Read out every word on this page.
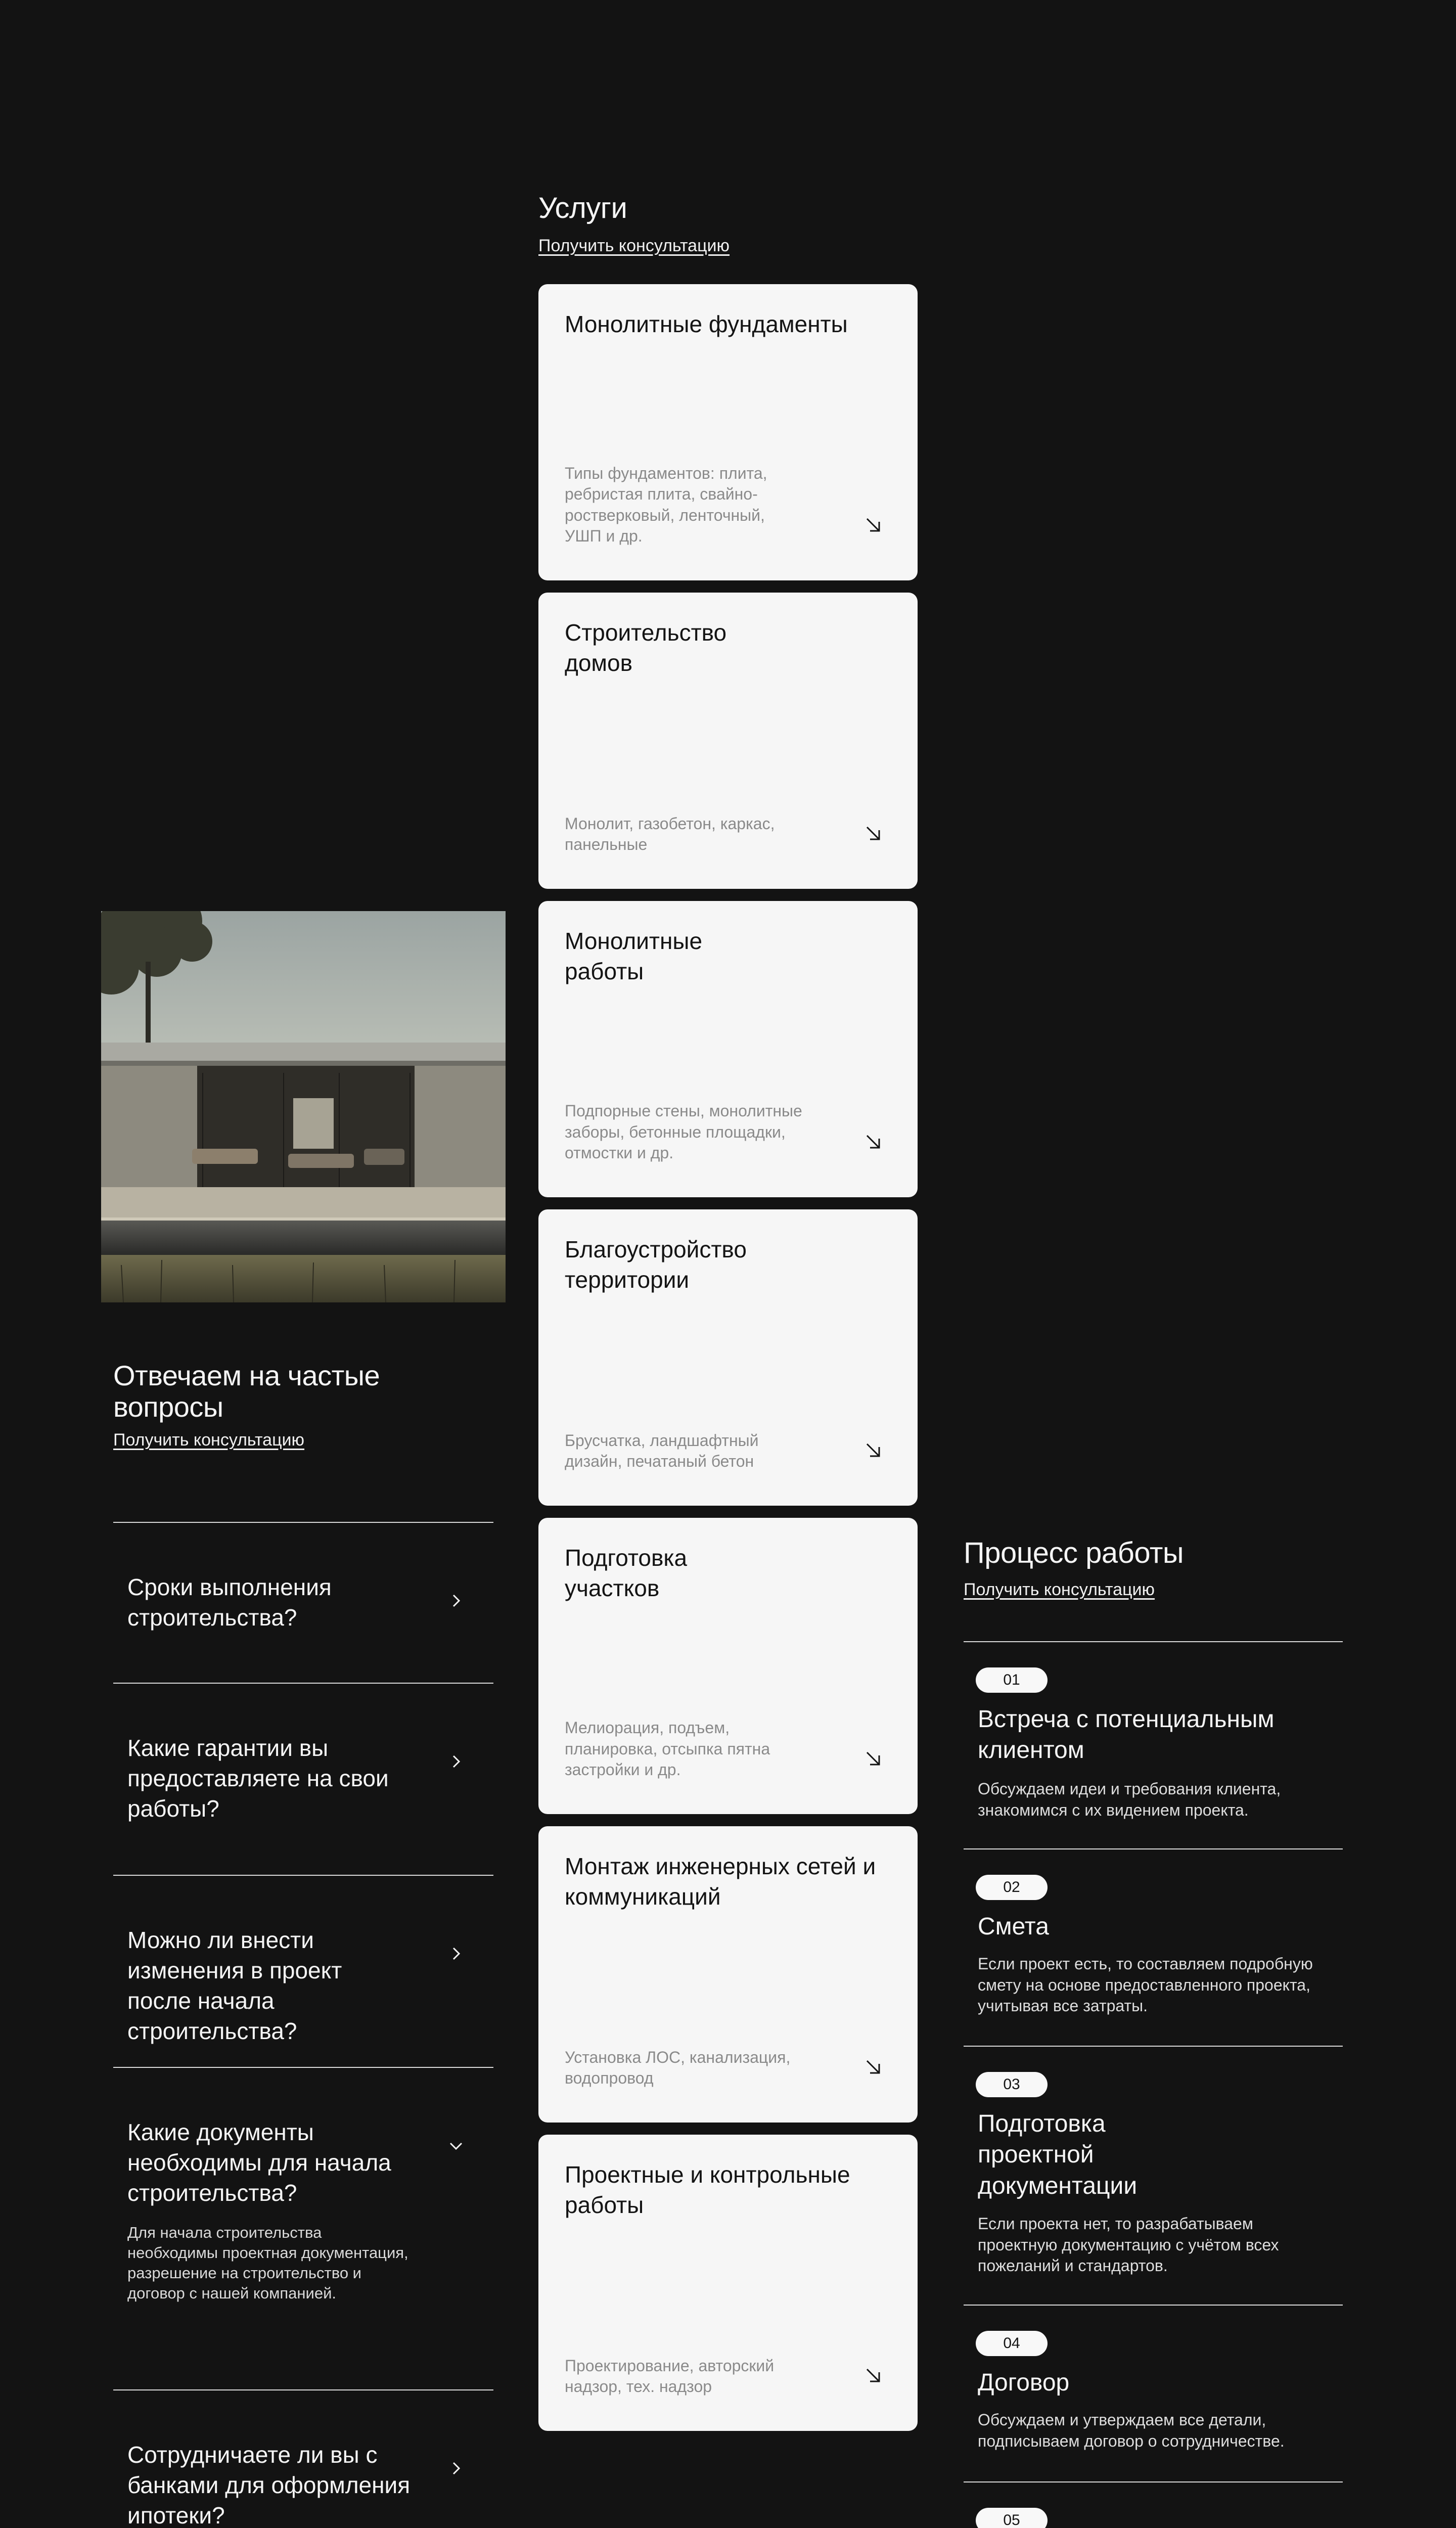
Услуги
Получить консультацию
Монолитные фундаменты
Типы фундаментов: плита, ребристая плита, свайно-ростверковый, ленточный, УШП и др.
Строительство домов
Монолит, газобетон, каркас, панельные
Монолитные работы
Подпорные стены, монолитные заборы, бетонные площадки, отмостки и др.
Благоустройство территории
Брусчатка, ландшафтный дизайн, печатаный бетон
Подготовка участков
Мелиорация, подъем, планировка, отсыпка пятна застройки и др.
Монтаж инженерных сетей и коммуникаций
Установка ЛОС, канализация, водопровод
Проектные и контрольные работы
Проектирование, авторский надзор, тех. надзор
Отвечаем на частые вопросы
Получить консультацию
Сроки выполнения строительства?
Какие гарантии вы предоставляете на свои работы?
Можно ли внести изменения в проект после начала строительства?
Какие документы необходимы для начала строительства?
Для начала строительства необходимы проектная документация, разрешение на строительство и договор с нашей компанией.
Сотрудничаете ли вы с банками для оформления ипотеки?
Процесс работы
Получить консультацию
01
Встреча с потенциальным клиентом
Обсуждаем идеи и требования клиента, знакомимся с их видением проекта.
02
Смета
Если проект есть, то составляем подробную смету на основе предоставленного проекта, учитывая все затраты.
03
Подготовка проектной документации
Если проекта нет, то разрабатываем проектную документацию с учётом всех пожеланий и стандартов.
04
Договор
Обсуждаем и утверждаем все детали, подписываем договор о сотрудничестве.
05
